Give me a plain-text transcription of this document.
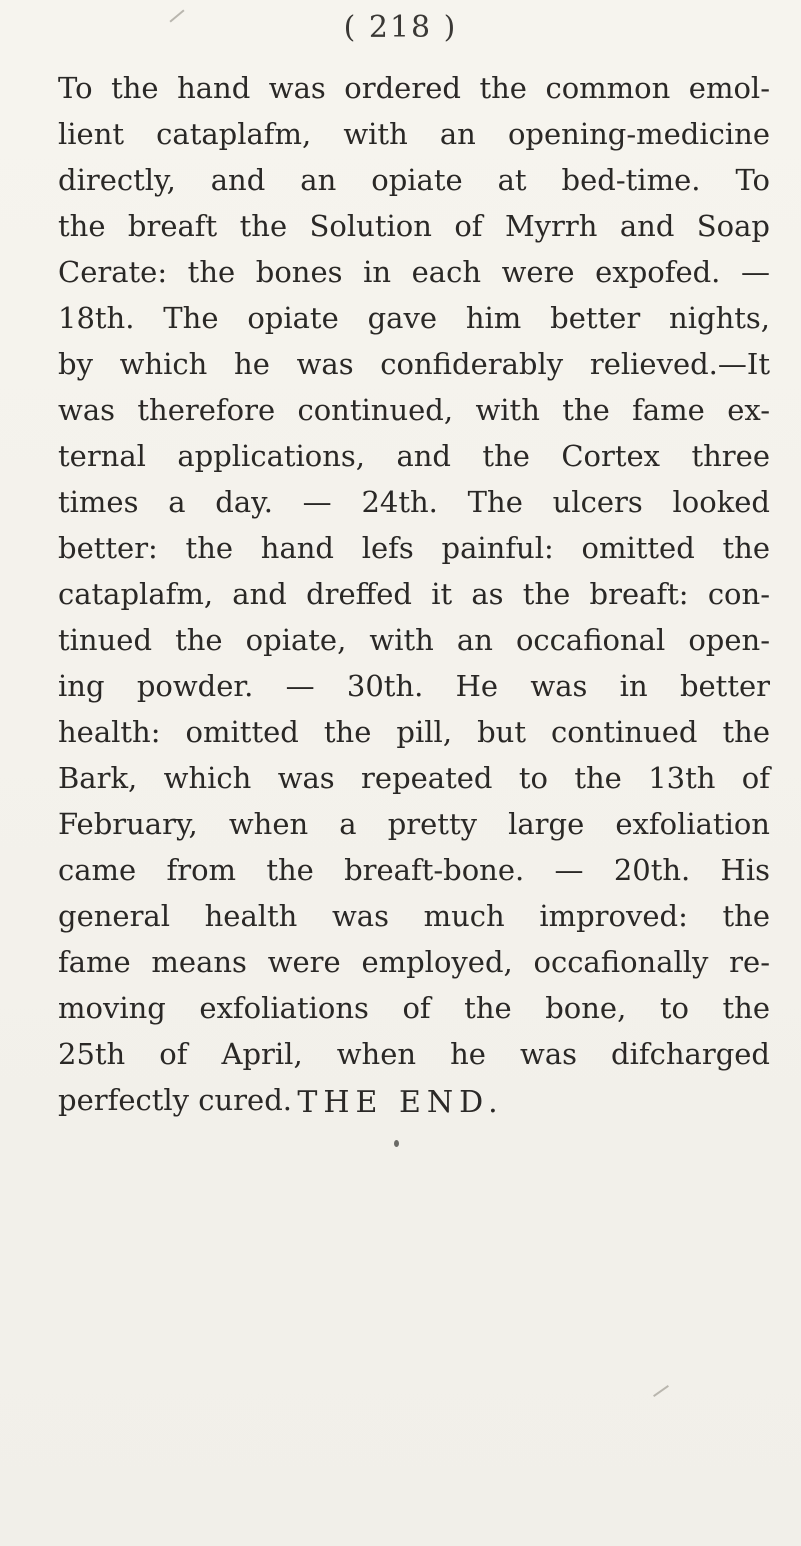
( 218 )
To the hand was ordered the common emol-
lient cataplafm, with an opening-medicine
directly, and an opiate at bed-time. To
the breaft the Solution of Myrrh and Soap
Cerate: the bones in each were expofed. —
18th. The opiate gave him better nights,
by which he was confiderably relieved.—It
was therefore continued, with the fame ex-
ternal applications, and the Cortex three
times a day. — 24th. The ulcers looked
better: the hand lefs painful: omitted the
cataplafm, and dreffed it as the breaft: con-
tinued the opiate, with an occafional open-
ing powder. — 30th. He was in better
health: omitted the pill, but continued the
Bark, which was repeated to the 13th of
February, when a pretty large exfoliation
came from the breaft-bone. — 20th. His
general health was much improved: the
fame means were employed, occafionally re-
moving exfoliations of the bone, to the
25th of April, when he was difcharged
perfectly cured. THE END.
